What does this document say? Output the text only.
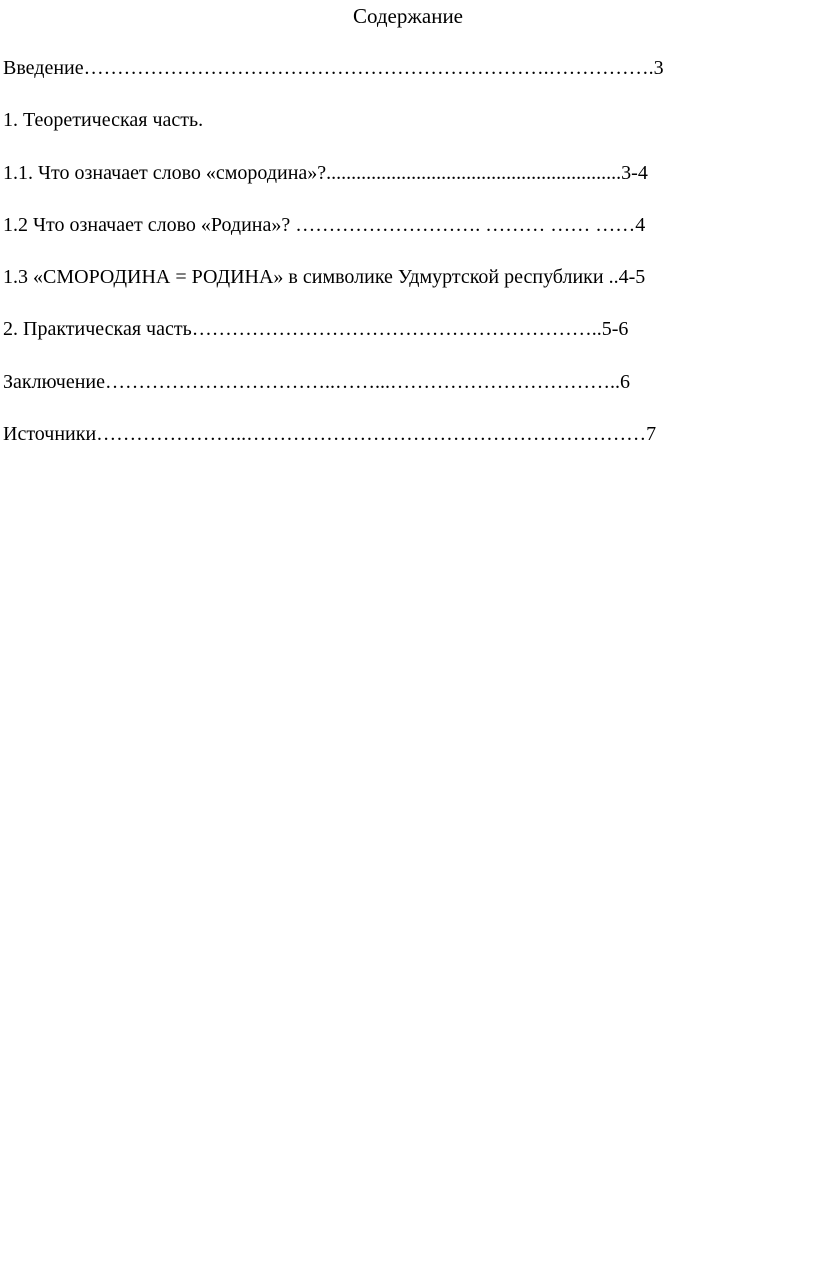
Содержание
Введение…………………………………………………………….…………….3
1. Теоретическая часть.
1.1. Что означает слово «смородина»?...........................................................3-4
1.2 Что означает слово «Родина»? ………………………. ……… …… ……4
1.3 «СМОРОДИНА = РОДИНА» в символике Удмуртской республики ..4-5
2. Практическая часть……………………………………………………..5-6
Заключение……………………………..……...……………………………..6
Источники…………………..……………………………………………………7
